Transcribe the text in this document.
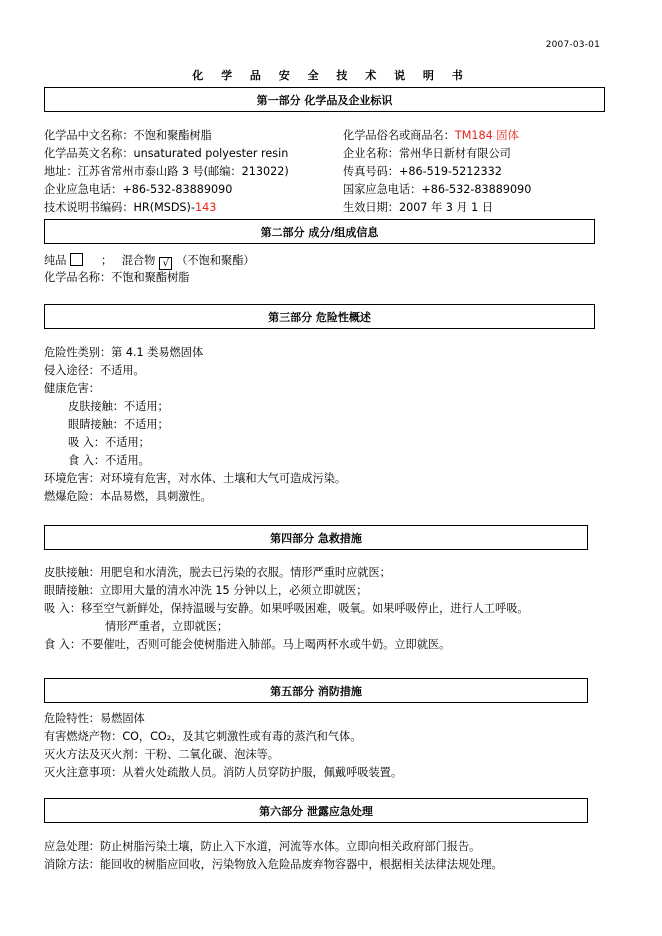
2007-03-01
化 学 品 安 全 技 术 说 明 书
第一部分 化学品及企业标识
化学品中文名称：不饱和聚酯树脂
化学品英文名称：unsaturated polyester resin
地址：江苏省常州市泰山路 3 号(邮编：213022)
企业应急电话：+86-532-83889090
技术说明书编码：HR(MSDS)-143
化学品俗名或商品名：TM184 固体
企业名称：常州华日新材有限公司
传真号码：+86-519-5212332
国家应急电话：+86-532-83889090
生效日期：2007 年 3 月 1 日
第二部分 成分/组成信息
纯品	； 混合物 √ （不饱和聚酯）
化学品名称：不饱和聚酯树脂
第三部分 危险性概述
危险性类别：第 4.1 类易燃固体
侵入途径：不适用。
健康危害：
皮肤接触：不适用；
眼睛接触：不适用；
吸 入：不适用；
食 入：不适用。
环境危害：对环境有危害，对水体、土壤和大气可造成污染。
燃爆危险：本品易燃，具刺激性。
第四部分 急救措施
皮肤接触：用肥皂和水清洗，脱去已污染的衣服。情形严重时应就医；
眼睛接触：立即用大量的清水冲洗 15 分钟以上，必须立即就医；
吸 入：移至空气新鲜处，保持温暖与安静。如果呼吸困难，吸氧。如果呼吸停止，进行人工呼吸。
情形严重者，立即就医；
食 入：不要催吐，否则可能会使树脂进入肺部。马上喝两杯水或牛奶。立即就医。
第五部分 消防措施
危险特性：易燃固体
有害燃烧产物：CO，CO₂，及其它刺激性或有毒的蒸汽和气体。
灭火方法及灭火剂：干粉、二氧化碳、泡沫等。
灭火注意事项：从着火处疏散人员。消防人员穿防护服，佩戴呼吸装置。
第六部分 泄露应急处理
应急处理：防止树脂污染土壤，防止入下水道，河流等水体。立即向相关政府部门报告。
消除方法：能回收的树脂应回收，污染物放入危险品废弃物容器中，根据相关法律法规处理。
